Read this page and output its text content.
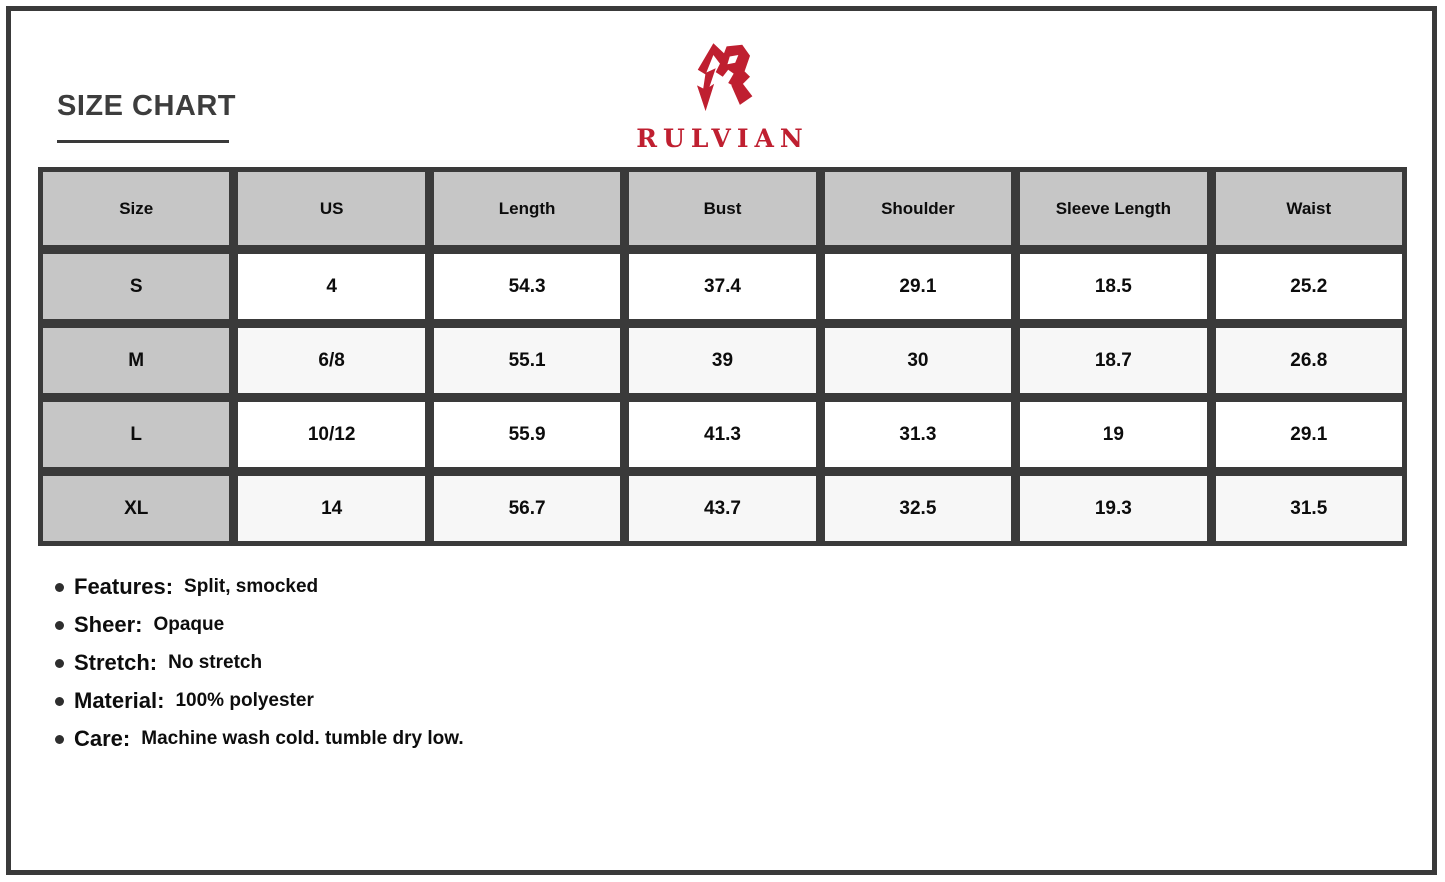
SIZE CHART
RULVIAN
Size	US	Length	Bust	Shoulder	Sleeve Length	Waist
S	4	54.3	37.4	29.1	18.5	25.2
M	6/8	55.1	39	30	18.7	26.8
L	10/12	55.9	41.3	31.3	19	29.1
XL	14	56.7	43.7	32.5	19.3	31.5
Features: Split, smocked
Sheer: Opaque
Stretch: No stretch
Material: 100% polyester
Care: Machine wash cold. tumble dry low.
